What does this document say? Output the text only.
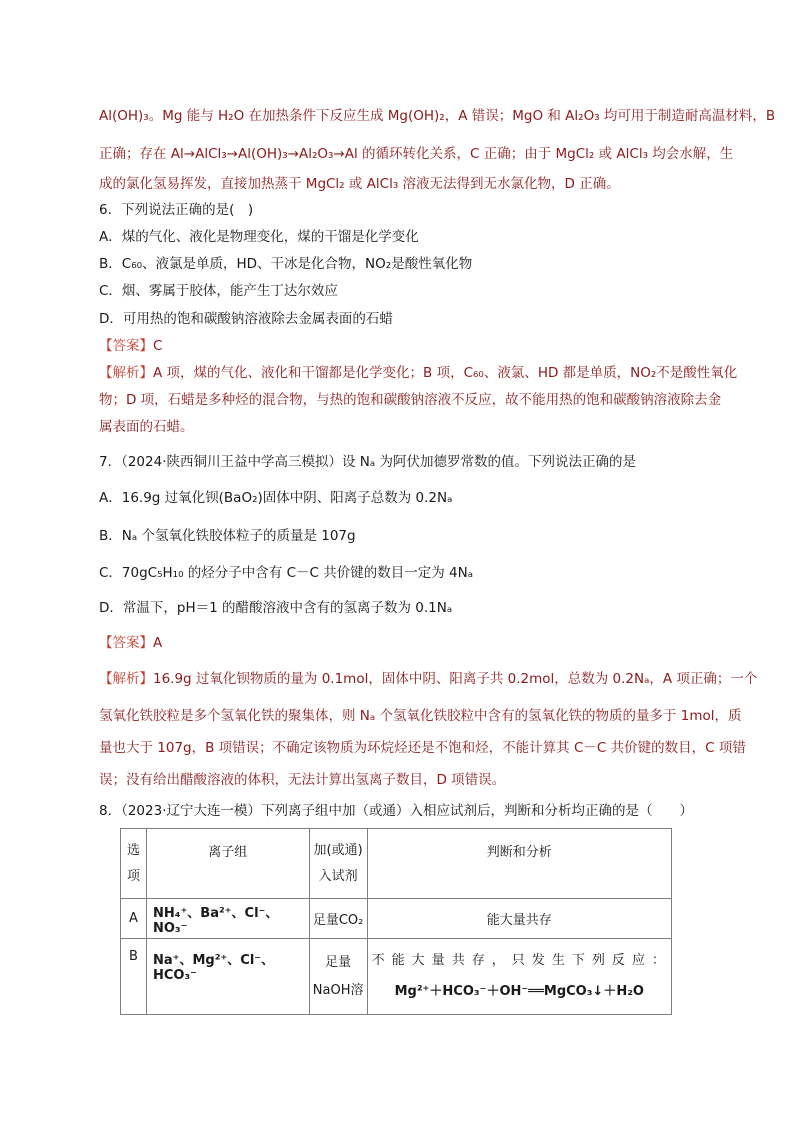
Al(OH)₃。Mg 能与 H₂O 在加热条件下反应生成 Mg(OH)₂，A 错误；MgO 和 Al₂O₃ 均可用于制造耐高温材料，B
正确；存在 Al→AlCl₃→Al(OH)₃→Al₂O₃→Al 的循环转化关系，C 正确；由于 MgCl₂ 或 AlCl₃ 均会水解，生
成的氯化氢易挥发，直接加热蒸干 MgCl₂ 或 AlCl₃ 溶液无法得到无水氯化物，D 正确。
6．下列说法正确的是(　)
A．煤的气化、液化是物理变化，煤的干馏是化学变化
B．C₆₀、液氯是单质，HD、干冰是化合物，NO₂是酸性氧化物
C．烟、雾属于胶体，能产生丁达尔效应
D．可用热的饱和碳酸钠溶液除去金属表面的石蜡
【答案】C
【解析】A 项，煤的气化、液化和干馏都是化学变化；B 项，C₆₀、液氯、HD 都是单质，NO₂不是酸性氧化
物；D 项，石蜡是多种烃的混合物，与热的饱和碳酸钠溶液不反应，故不能用热的饱和碳酸钠溶液除去金
属表面的石蜡。
7．（2024·陕西铜川王益中学高三模拟）设 Nₐ 为阿伏加德罗常数的值。下列说法正确的是
A．16.9g 过氧化钡(BaO₂)固体中阴、阳离子总数为 0.2Nₐ
B．Nₐ 个氢氧化铁胶体粒子的质量是 107g
C．70gC₅H₁₀ 的烃分子中含有 C－C 共价键的数目一定为 4Nₐ
D．常温下，pH＝1 的醋酸溶液中含有的氢离子数为 0.1Nₐ
【答案】A
【解析】16.9g 过氧化钡物质的量为 0.1mol，固体中阴、阳离子共 0.2mol，总数为 0.2Nₐ，A 项正确；一个
氢氧化铁胶粒是多个氢氧化铁的聚集体，则 Nₐ 个氢氧化铁胶粒中含有的氢氧化铁的物质的量多于 1mol，质
量也大于 107g，B 项错误；不确定该物质为环烷烃还是不饱和烃，不能计算其 C－C 共价键的数目，C 项错
误；没有给出醋酸溶液的体积，无法计算出氢离子数目，D 项错误。
8．（2023·辽宁大连一模）下列离子组中加（或通）入相应试剂后，判断和分析均正确的是（　　）
选项	离子组	加(或通)入试剂	判断和分析
A	NH₄⁺、Ba²⁺、Cl⁻、NO₃⁻	足量CO₂	能大量共存
B	Na⁺、Mg²⁺、Cl⁻、HCO₃⁻	足量NaOH溶	不能大量共存，只发生下列反应：
Mg²⁺＋HCO₃⁻＋OH⁻══MgCO₃↓＋H₂O
